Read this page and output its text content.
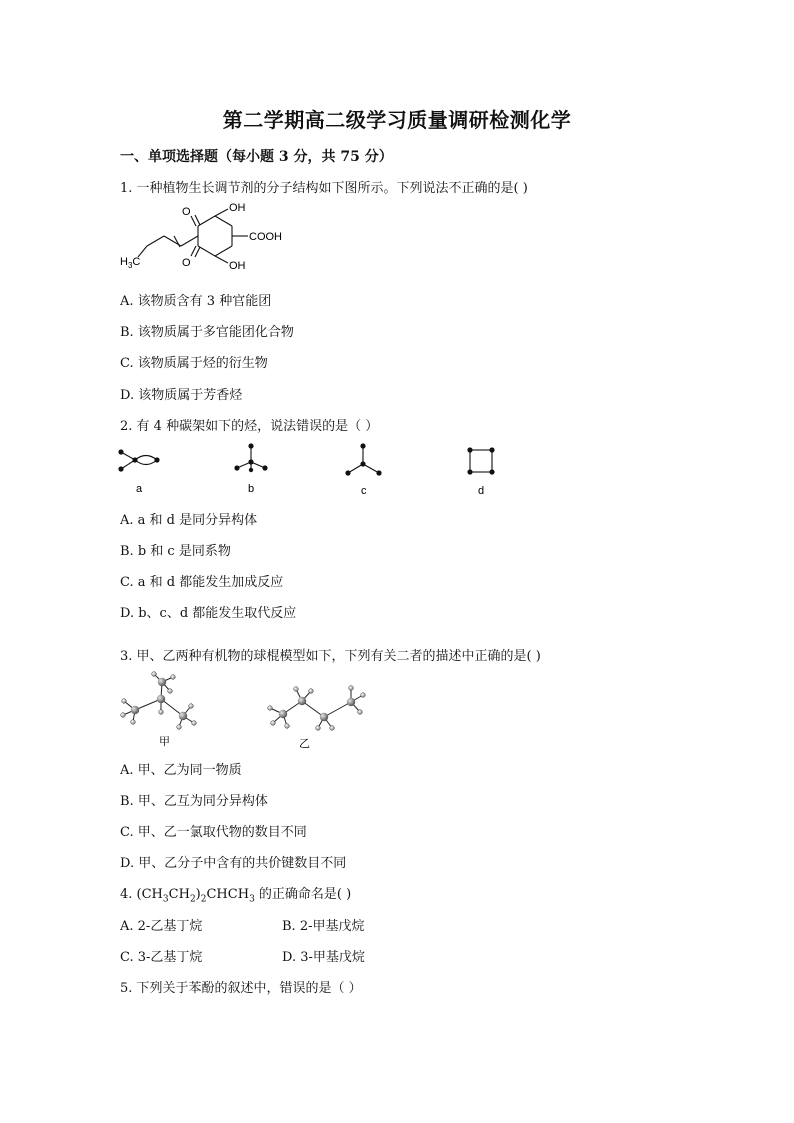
第二学期高二级学习质量调研检测化学
一、单项选择题（每小题 3 分，共 75 分）
1. 一种植物生长调节剂的分子结构如下图所示。下列说法不正确的是( )
O
O
OH
COOH
OH
$H_3C$
A. 该物质含有 3 种官能团
B. 该物质属于多官能团化合物
C. 该物质属于烃的衍生物
D. 该物质属于芳香烃
2. 有 4 种碳架如下的烃，说法错误的是（ ）
a	b	c	d
A. a 和 d 是同分异构体
B. b 和 c 是同系物
C. a 和 d 都能发生加成反应
D. b、c、d 都能发生取代反应
3. 甲、乙两种有机物的球棍模型如下，下列有关二者的描述中正确的是( )
甲	乙
A. 甲、乙为同一物质
B. 甲、乙互为同分异构体
C. 甲、乙一氯取代物的数目不同
D. 甲、乙分子中含有的共价键数目不同
4. $(CH_3CH_2)_2CHCH_3$ 的正确命名是( )
A. 2-乙基丁烷	B. 2-甲基戊烷
C. 3-乙基丁烷	D. 3-甲基戊烷
5. 下列关于苯酚的叙述中，错误的是（ ）
